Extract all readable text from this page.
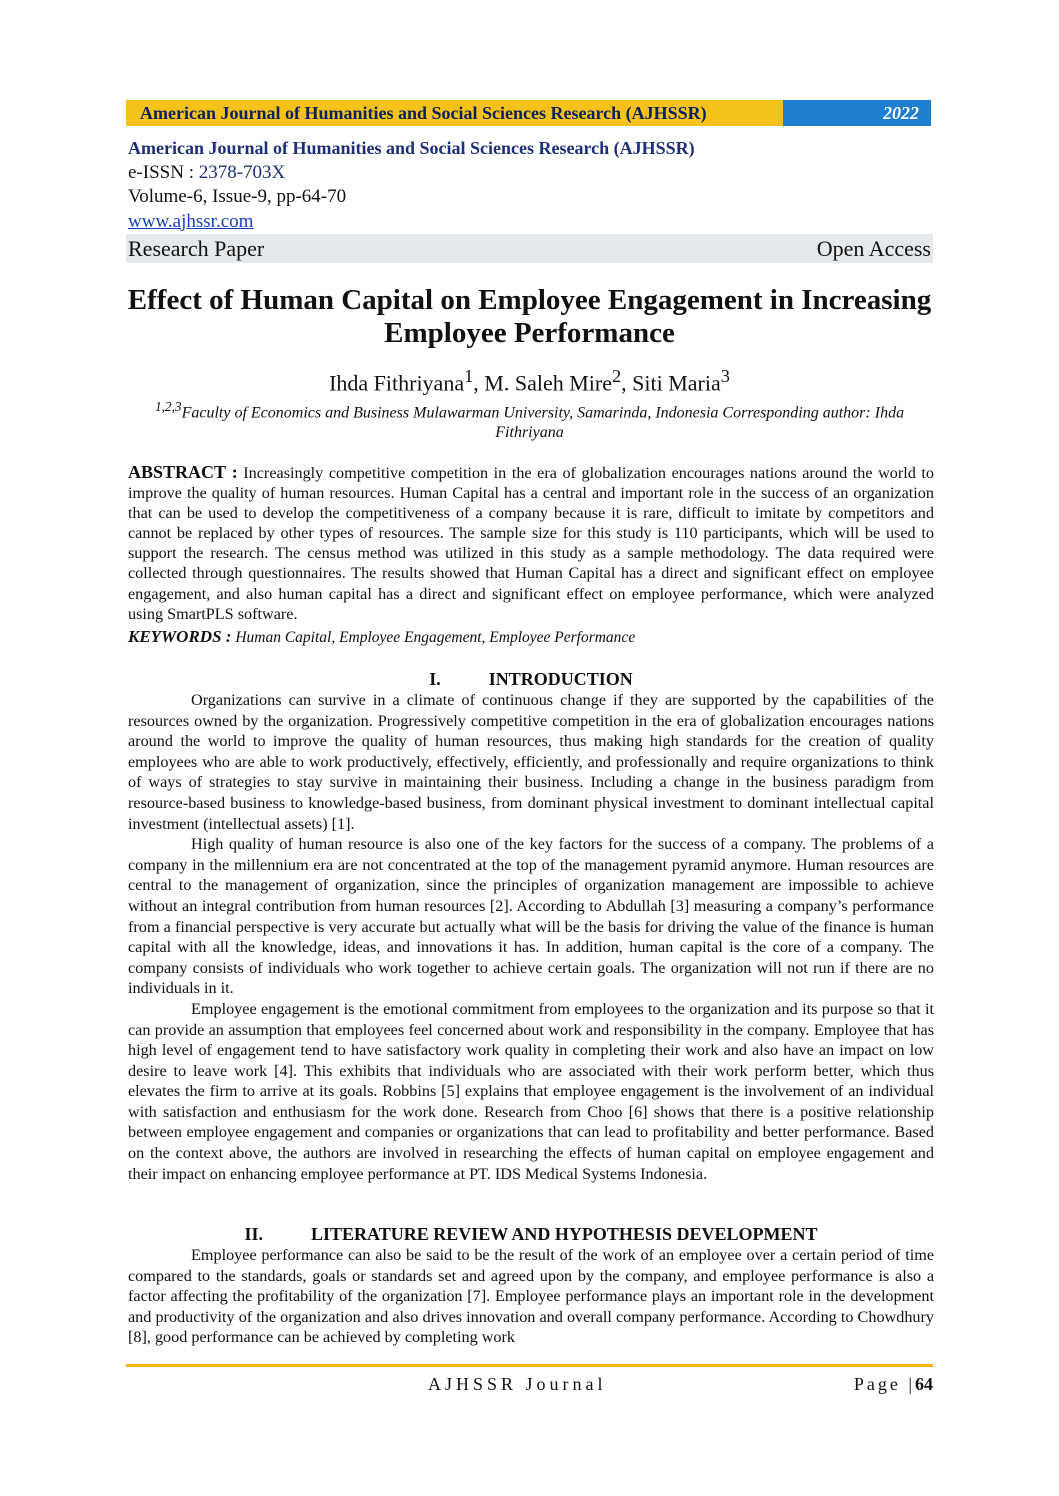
American Journal of Humanities and Social Sciences Research (AJHSSR)	2022
American Journal of Humanities and Social Sciences Research (AJHSSR)
e-ISSN : 2378-703X
Volume-6, Issue-9, pp-64-70
www.ajhssr.com
Research Paper	Open Access
Effect of Human Capital on Employee Engagement in Increasing
Employee Performance
Ihda Fithriyana$^1$, M. Saleh Mire$^2$, Siti Maria$^3$
$^{1,2,3}$Faculty of Economics and Business Mulawarman University, Samarinda, Indonesia Corresponding author: Ihda Fithriyana
ABSTRACT : Increasingly competitive competition in the era of globalization encourages nations around the world to improve the quality of human resources. Human Capital has a central and important role in the success of an organization that can be used to develop the competitiveness of a company because it is rare, difficult to imitate by competitors and cannot be replaced by other types of resources. The sample size for this study is 110 participants, which will be used to support the research. The census method was utilized in this study as a sample methodology. The data required were collected through questionnaires. The results showed that Human Capital has a direct and significant effect on employee engagement, and also human capital has a direct and significant effect on employee performance, which were analyzed using SmartPLS software.
KEYWORDS : Human Capital, Employee Engagement, Employee Performance
I.	INTRODUCTION

Organizations can survive in a climate of continuous change if they are supported by the capabilities of the resources owned by the organization. Progressively competitive competition in the era of globalization encourages nations around the world to improve the quality of human resources, thus making high standards for the creation of quality employees who are able to work productively, effectively, efficiently, and professionally and require organizations to think of ways of strategies to stay survive in maintaining their business. Including a change in the business paradigm from resource-based business to knowledge-based business, from dominant physical investment to dominant intellectual capital investment (intellectual assets) [1].

High quality of human resource is also one of the key factors for the success of a company. The problems of a company in the millennium era are not concentrated at the top of the management pyramid anymore. Human resources are central to the management of organization, since the principles of organization management are impossible to achieve without an integral contribution from human resources [2]. According to Abdullah [3] measuring a company’s performance from a financial perspective is very accurate but actually what will be the basis for driving the value of the finance is human capital with all the knowledge, ideas, and innovations it has. In addition, human capital is the core of a company. The company consists of individuals who work together to achieve certain goals. The organization will not run if there are no individuals in it.

Employee engagement is the emotional commitment from employees to the organization and its purpose so that it can provide an assumption that employees feel concerned about work and responsibility in the company. Employee that has high level of engagement tend to have satisfactory work quality in completing their work and also have an impact on low desire to leave work [4]. This exhibits that individuals who are associated with their work perform better, which thus elevates the firm to arrive at its goals. Robbins [5] explains that employee engagement is the involvement of an individual with satisfaction and enthusiasm for the work done. Research from Choo [6] shows that there is a positive relationship between employee engagement and companies or organizations that can lead to profitability and better performance. Based on the context above, the authors are involved in researching the effects of human capital on employee engagement and their impact on enhancing employee performance at PT. IDS Medical Systems Indonesia.

II.	LITERATURE REVIEW AND HYPOTHESIS DEVELOPMENT

Employee performance can also be said to be the result of the work of an employee over a certain period of time compared to the standards, goals or standards set and agreed upon by the company, and employee performance is also a factor affecting the profitability of the organization [7]. Employee performance plays an important role in the development and productivity of the organization and also drives innovation and overall company performance. According to Chowdhury [8], good performance can be achieved by completing work

AJHSSR Journal	Page |64
